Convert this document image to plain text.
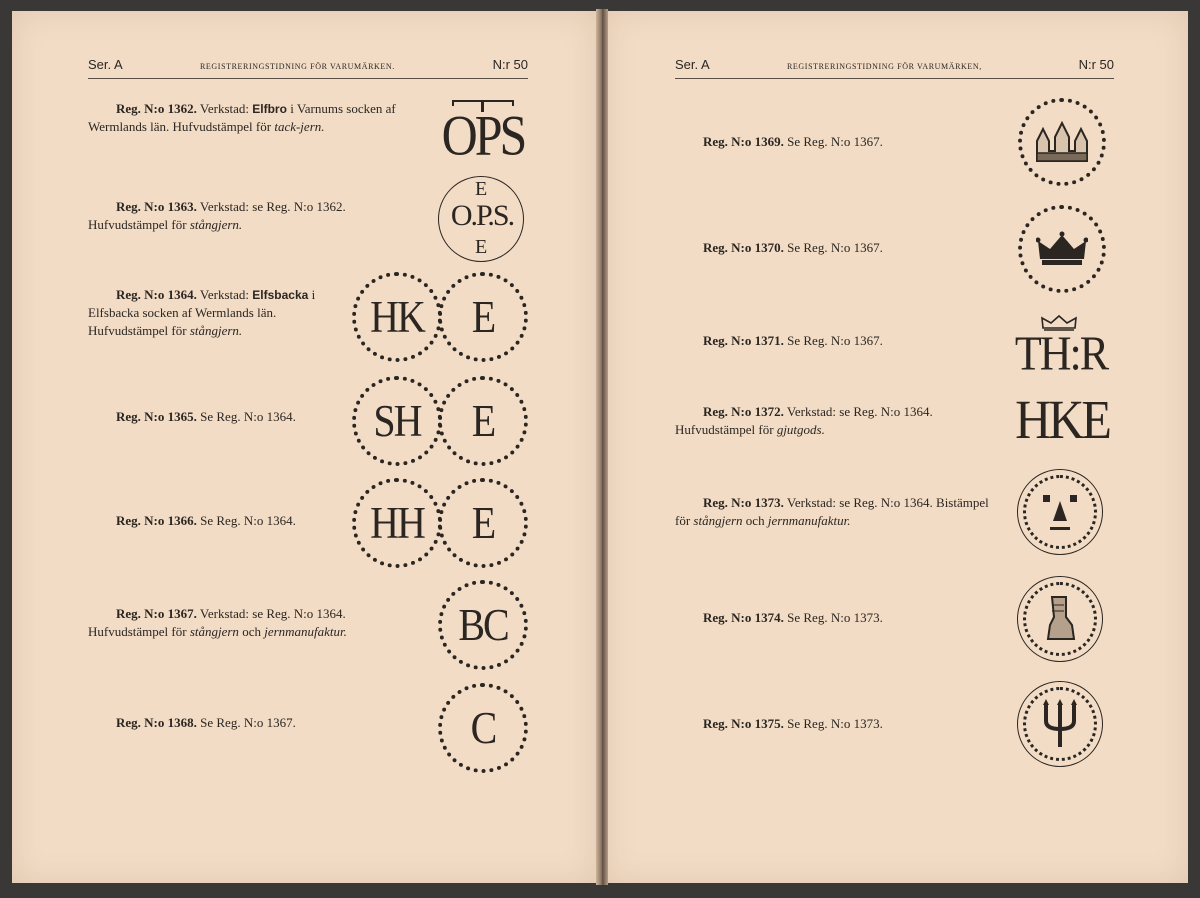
Ser. A	REGISTRERINGSTIDNING FÖR VARUMÄRKEN.	N:r 50	Ser. A	REGISTRERINGSTIDNING FÖR VARUMÄRKEN,	N:r 50
Reg. N:o 1362. Verkstad: Elfbro i Varnums socken af Wermlands län. Hufvudstämpel för tack-jern.
Reg. N:o 1363. Verkstad: se Reg. N:o 1362. Hufvudstämpel för stångjern.
Reg. N:o 1364. Verkstad: Elfsbacka i Elfsbacka socken af Wermlands län. Hufvudstämpel för stångjern.
Reg. N:o 1365. Se Reg. N:o 1364.
Reg. N:o 1366. Se Reg. N:o 1364.
Reg. N:o 1367. Verkstad: se Reg. N:o 1364. Hufvudstämpel för stångjern och jernmanufaktur.
Reg. N:o 1368. Se Reg. N:o 1367.
OPS
E
O.P.S.
E
HK E
SH E
HH E
BC
C
Reg. N:o 1369. Se Reg. N:o 1367.
Reg. N:o 1370. Se Reg. N:o 1367.
Reg. N:o 1371. Se Reg. N:o 1367.
Reg. N:o 1372. Verkstad: se Reg. N:o 1364. Hufvudstämpel för gjutgods.
Reg. N:o 1373. Verkstad: se Reg. N:o 1364. Bistämpel för stångjern och jernmanufaktur.
Reg. N:o 1374. Se Reg. N:o 1373.
Reg. N:o 1375. Se Reg. N:o 1373.
TH:R
HKE
